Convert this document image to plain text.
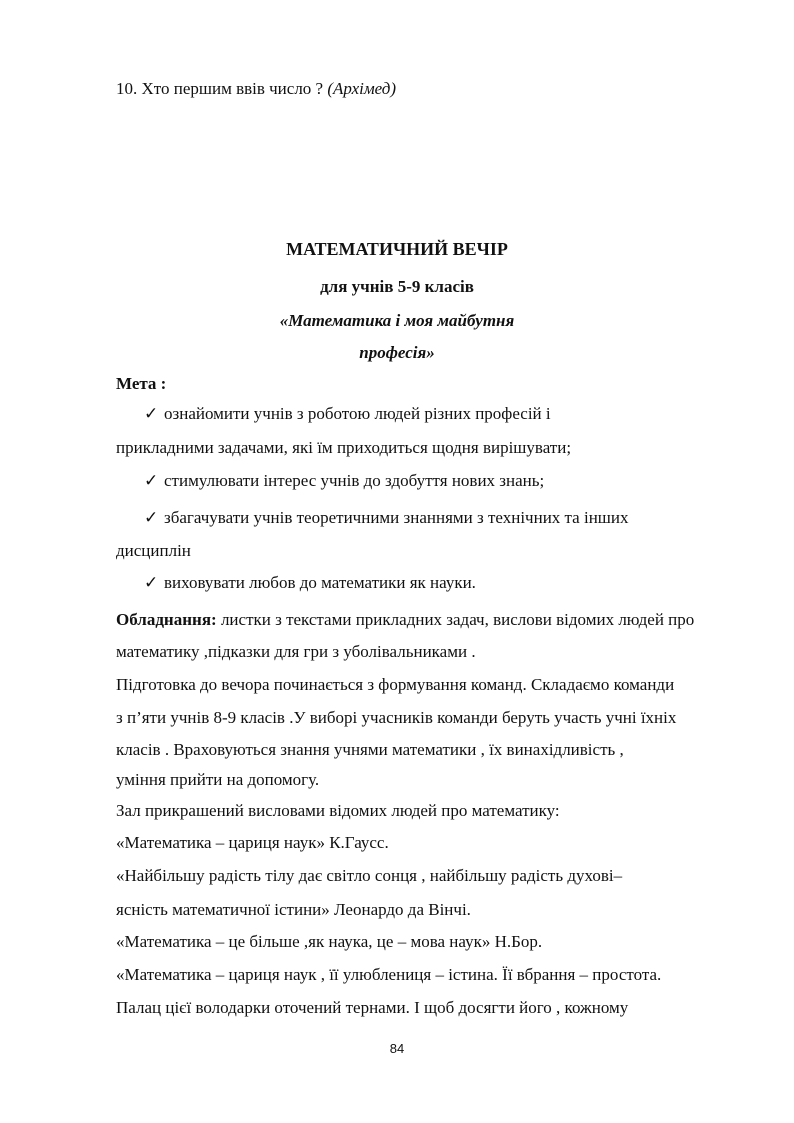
10. Хто першим ввів число ? (Архімед)
МАТЕМАТИЧНИЙ ВЕЧІР
для учнів 5-9 класів
«Математика і моя майбутня
професія»
Мета :
✓ ознайомити учнів з роботою людей різних професій і
прикладними задачами, які їм приходиться щодня вирішувати;
✓ стимулювати інтерес учнів до здобуття нових знань;
✓ збагачувати учнів теоретичними знаннями з технічних та інших
дисциплін
✓ виховувати любов до математики як науки.
Обладнання: листки з текстами прикладних задач, вислови відомих людей про
математику ,підказки для гри з уболівальниками .
Підготовка до вечора починається з формування команд. Складаємо команди
з п’яти учнів 8-9 класів .У виборі учасників команди беруть участь учні їхніх
класів . Враховуються знання учнями математики , їх винахідливість ,
уміння прийти на допомогу.
Зал прикрашений висловами відомих людей про математику:
«Математика – цариця наук» К.Гаусс.
«Найбільшу радість тілу дає світло сонця , найбільшу радість духові–
ясність математичної істини» Леонардо да Вінчі.
«Математика – це більше ,як наука, це – мова наук» Н.Бор.
«Математика – цариця наук , її улюблениця – істина. Її вбрання – простота.
Палац цієї володарки оточений тернами. І щоб досягти його , кожному
84
